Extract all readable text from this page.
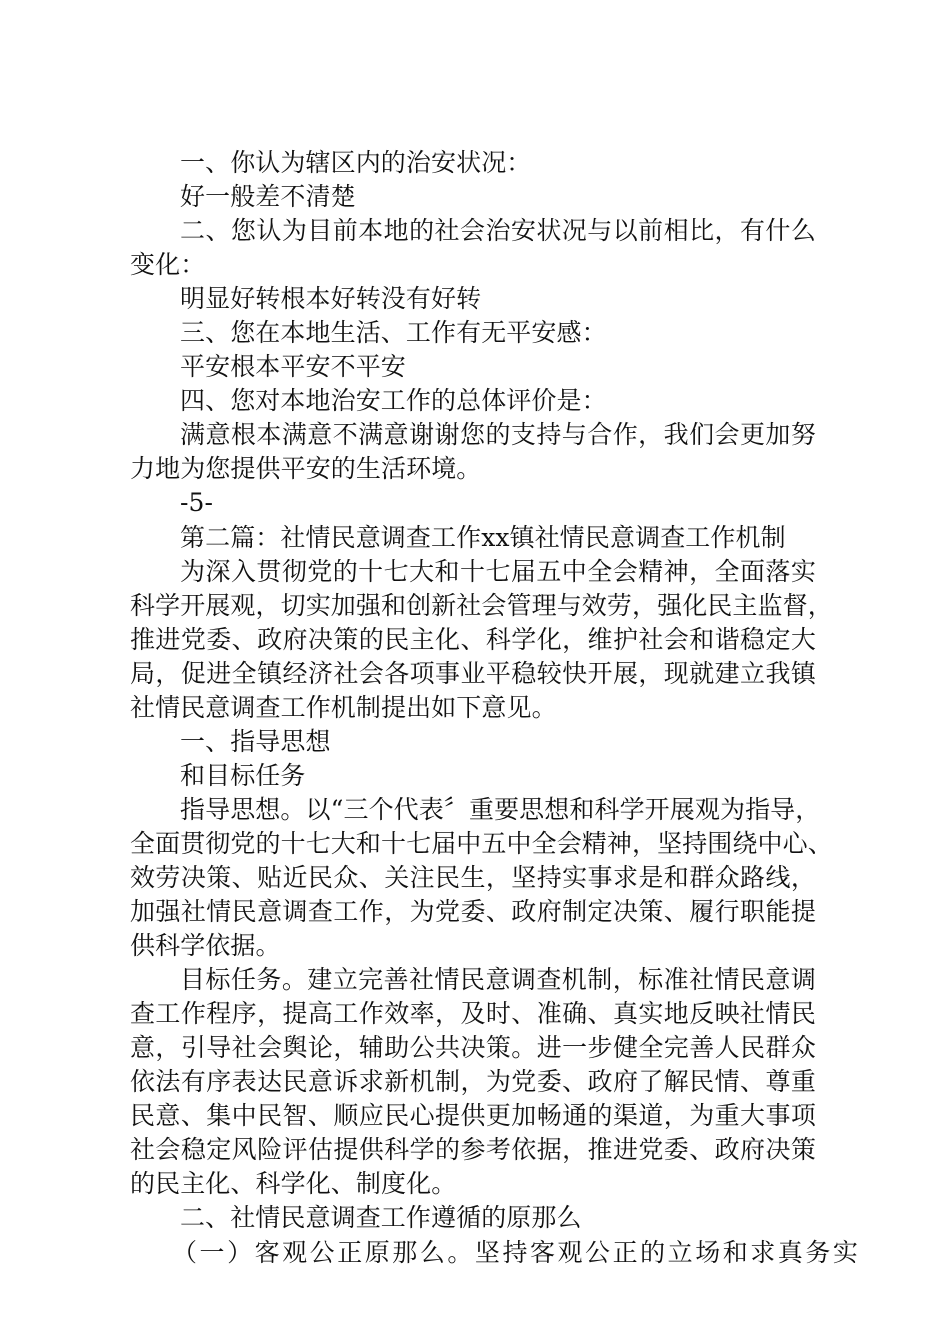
一、你认为辖区内的治安状况：
好一般差不清楚
二、您认为目前本地的社会治安状况与以前相比，有什么
变化：
明显好转根本好转没有好转
三、您在本地生活、工作有无平安感：
平安根本平安不平安
四、您对本地治安工作的总体评价是：
满意根本满意不满意谢谢您的支持与合作，我们会更加努
力地为您提供平安的生活环境。
-5-
第二篇：社情民意调查工作xx镇社情民意调查工作机制
为深入贯彻党的十七大和十七届五中全会精神，全面落实
科学开展观，切实加强和创新社会管理与效劳，强化民主监督，
推进党委、政府决策的民主化、科学化，维护社会和谐稳定大
局，促进全镇经济社会各项事业平稳较快开展，现就建立我镇
社情民意调查工作机制提出如下意见。
一、指导思想
和目标任务
指导思想。以“三个代表〞重要思想和科学开展观为指导，
全面贯彻党的十七大和十七届中五中全会精神，坚持围绕中心、
效劳决策、贴近民众、关注民生，坚持实事求是和群众路线，
加强社情民意调查工作，为党委、政府制定决策、履行职能提
供科学依据。
目标任务。建立完善社情民意调查机制，标准社情民意调
查工作程序，提高工作效率，及时、准确、真实地反映社情民
意，引导社会舆论，辅助公共决策。进一步健全完善人民群众
依法有序表达民意诉求新机制，为党委、政府了解民情、尊重
民意、集中民智、顺应民心提供更加畅通的渠道，为重大事项
社会稳定风险评估提供科学的参考依据，推进党委、政府决策
的民主化、科学化、制度化。
二、社情民意调查工作遵循的原那么
（一）客观公正原那么。坚持客观公正的立场和求真务实
